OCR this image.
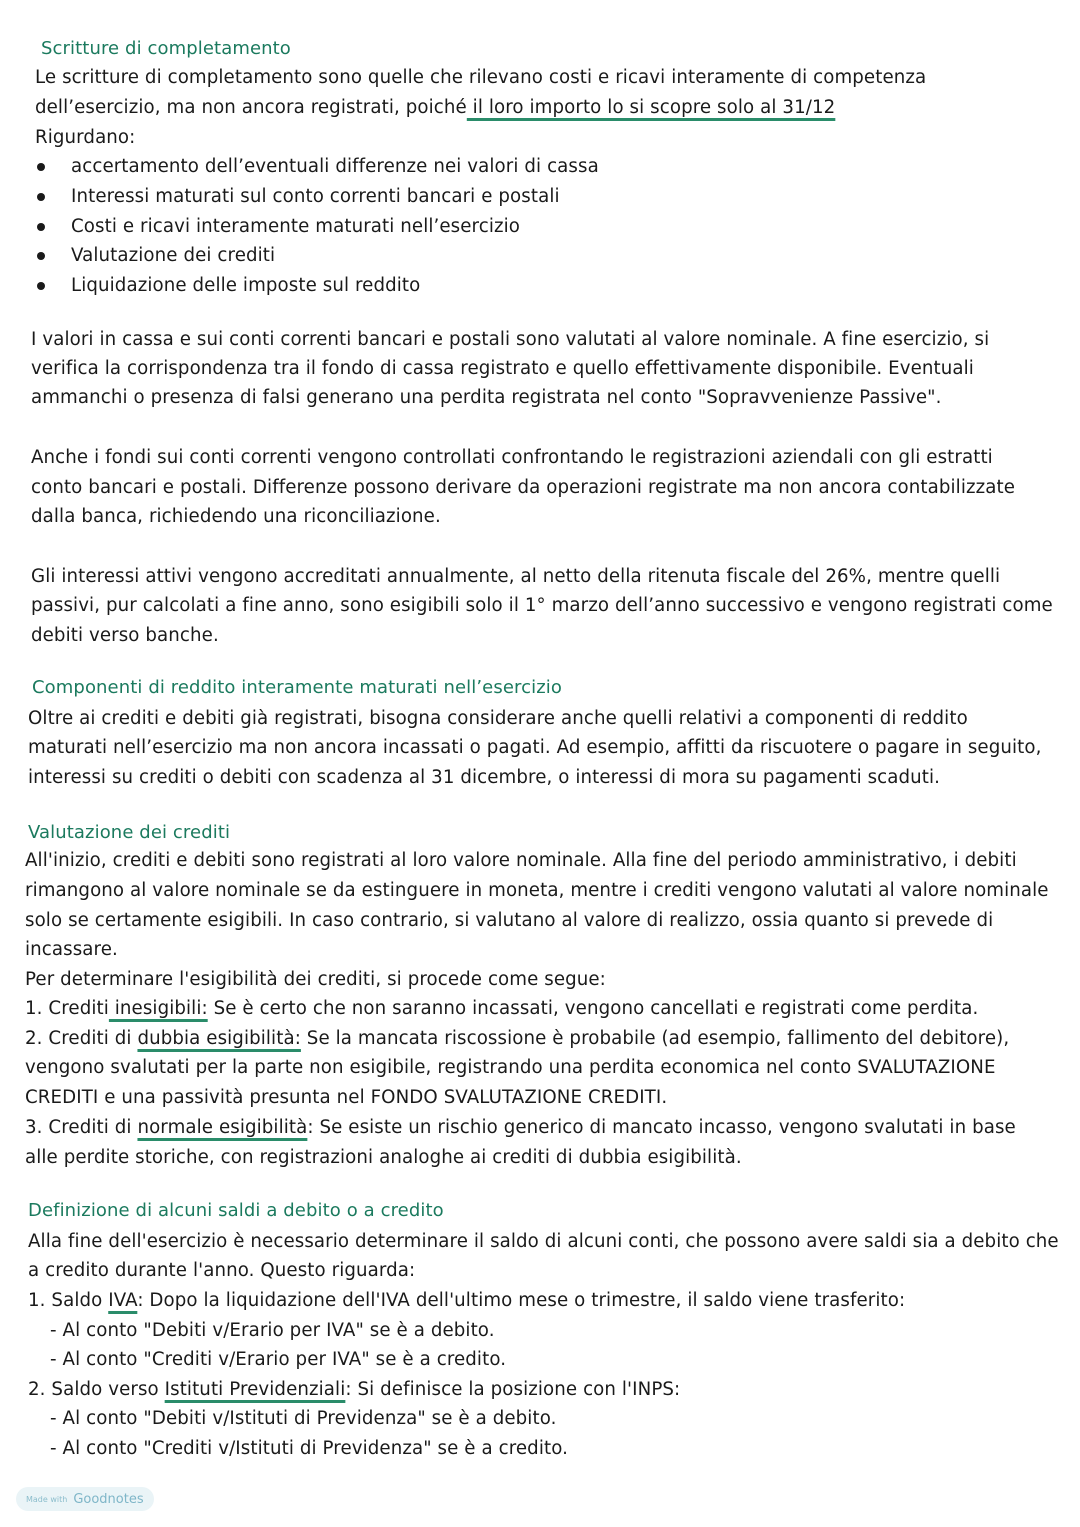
Scritture di completamento
Le scritture di completamento sono quelle che rilevano costi e ricavi interamente di competenza
dell’esercizio, ma non ancora registrati, poiché il loro importo lo si scopre solo al 31/12
Rigurdano:
accertamento dell’eventuali differenze nei valori di cassa
Interessi maturati sul conto correnti bancari e postali
Costi e ricavi interamente maturati nell’esercizio
Valutazione dei crediti
Liquidazione delle imposte sul reddito
I valori in cassa e sui conti correnti bancari e postali sono valutati al valore nominale. A fine esercizio, si
verifica la corrispondenza tra il fondo di cassa registrato e quello effettivamente disponibile. Eventuali
ammanchi o presenza di falsi generano una perdita registrata nel conto "Sopravvenienze Passive".
Anche i fondi sui conti correnti vengono controllati confrontando le registrazioni aziendali con gli estratti
conto bancari e postali. Differenze possono derivare da operazioni registrate ma non ancora contabilizzate
dalla banca, richiedendo una riconciliazione.
Gli interessi attivi vengono accreditati annualmente, al netto della ritenuta fiscale del 26%, mentre quelli
passivi, pur calcolati a fine anno, sono esigibili solo il 1° marzo dell’anno successivo e vengono registrati come
debiti verso banche.
Componenti di reddito interamente maturati nell’esercizio
Oltre ai crediti e debiti già registrati, bisogna considerare anche quelli relativi a componenti di reddito
maturati nell’esercizio ma non ancora incassati o pagati. Ad esempio, affitti da riscuotere o pagare in seguito,
interessi su crediti o debiti con scadenza al 31 dicembre, o interessi di mora su pagamenti scaduti.
Valutazione dei crediti
All'inizio, crediti e debiti sono registrati al loro valore nominale. Alla fine del periodo amministrativo, i debiti
rimangono al valore nominale se da estinguere in moneta, mentre i crediti vengono valutati al valore nominale
solo se certamente esigibili. In caso contrario, si valutano al valore di realizzo, ossia quanto si prevede di
incassare.
Per determinare l'esigibilità dei crediti, si procede come segue:
1. Crediti inesigibili: Se è certo che non saranno incassati, vengono cancellati e registrati come perdita.
2. Crediti di dubbia esigibilità: Se la mancata riscossione è probabile (ad esempio, fallimento del debitore),
vengono svalutati per la parte non esigibile, registrando una perdita economica nel conto SVALUTAZIONE
CREDITI e una passività presunta nel FONDO SVALUTAZIONE CREDITI.
3. Crediti di normale esigibilità: Se esiste un rischio generico di mancato incasso, vengono svalutati in base
alle perdite storiche, con registrazioni analoghe ai crediti di dubbia esigibilità.
Definizione di alcuni saldi a debito o a credito
Alla fine dell'esercizio è necessario determinare il saldo di alcuni conti, che possono avere saldi sia a debito che
a credito durante l'anno. Questo riguarda:
1. Saldo IVA: Dopo la liquidazione dell'IVA dell'ultimo mese o trimestre, il saldo viene trasferito:
- Al conto "Debiti v/Erario per IVA" se è a debito.
- Al conto "Crediti v/Erario per IVA" se è a credito.
2. Saldo verso Istituti Previdenziali: Si definisce la posizione con l'INPS:
- Al conto "Debiti v/Istituti di Previdenza" se è a debito.
- Al conto "Crediti v/Istituti di Previdenza" se è a credito.
Made with Goodnotes
